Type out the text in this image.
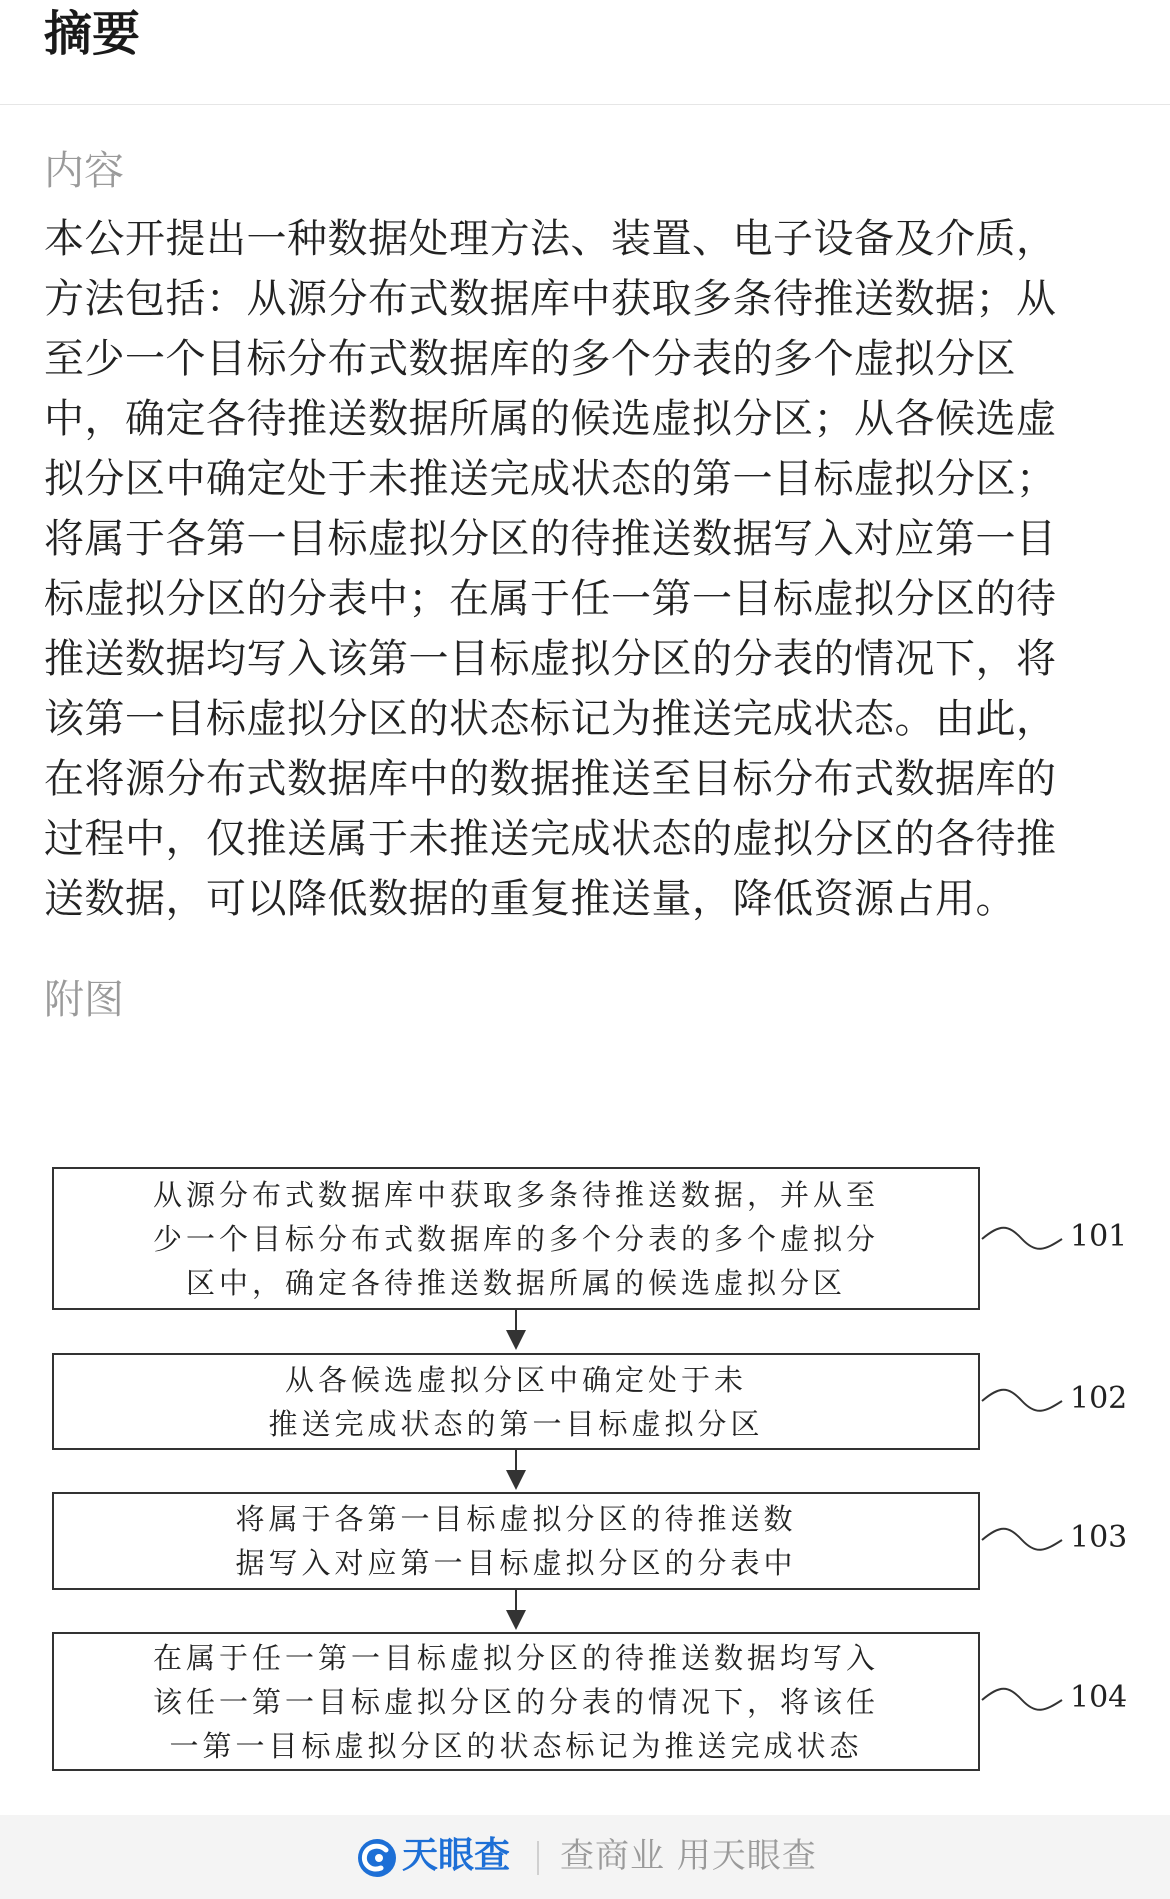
摘要
内容
本公开提出一种数据处理方法、装置、电子设备及介质，
方法包括：从源分布式数据库中获取多条待推送数据；从
至少一个目标分布式数据库的多个分表的多个虚拟分区
中，确定各待推送数据所属的候选虚拟分区；从各候选虚
拟分区中确定处于未推送完成状态的第一目标虚拟分区；
将属于各第一目标虚拟分区的待推送数据写入对应第一目
标虚拟分区的分表中；在属于任一第一目标虚拟分区的待
推送数据均写入该第一目标虚拟分区的分表的情况下，将
该第一目标虚拟分区的状态标记为推送完成状态。由此，
在将源分布式数据库中的数据推送至目标分布式数据库的
过程中，仅推送属于未推送完成状态的虚拟分区的各待推
送数据，可以降低数据的重复推送量，降低资源占用。
附图
从源分布式数据库中获取多条待推送数据，并从至
少一个目标分布式数据库的多个分表的多个虚拟分
区中，确定各待推送数据所属的候选虚拟分区
101
从各候选虚拟分区中确定处于未
推送完成状态的第一目标虚拟分区
102
将属于各第一目标虚拟分区的待推送数
据写入对应第一目标虚拟分区的分表中
103
在属于任一第一目标虚拟分区的待推送数据均写入
该任一第一目标虚拟分区的分表的情况下，将该任
一第一目标虚拟分区的状态标记为推送完成状态
104
天眼查 查商业 用天眼查
